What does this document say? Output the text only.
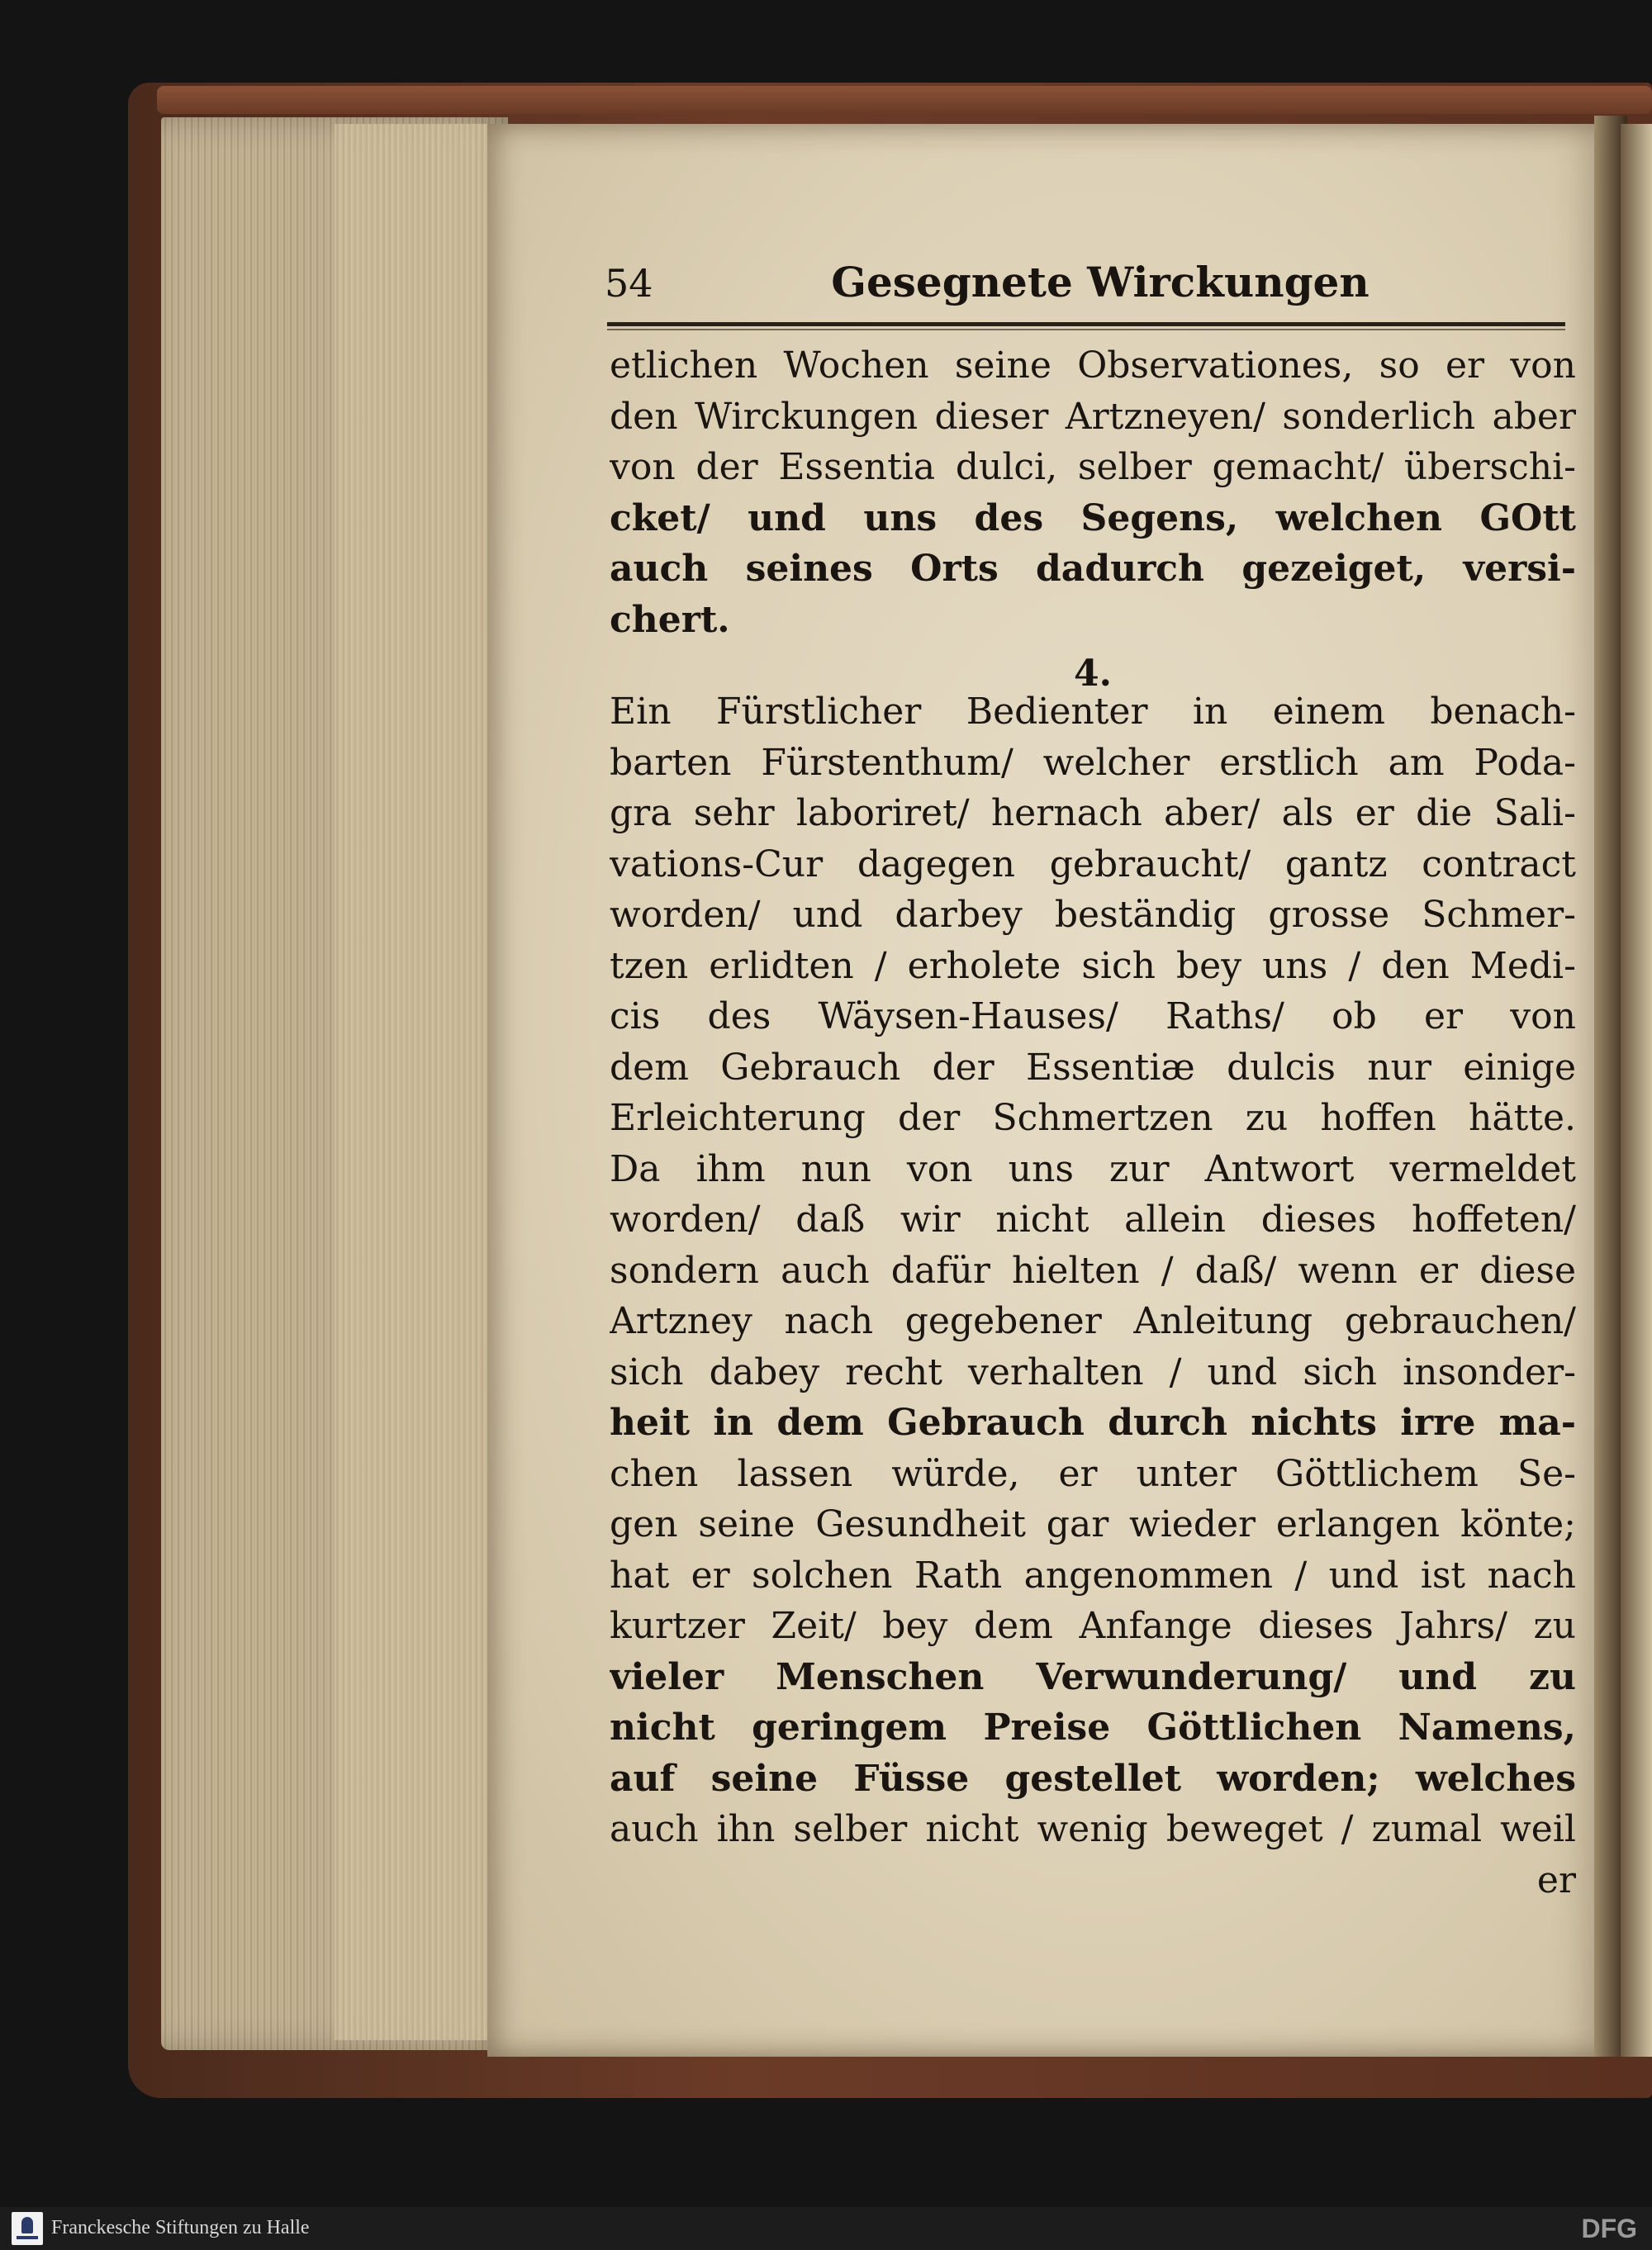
54	Gesegnete Wirckungen
etlichen Wochen seine Observationes, so er von
den Wirckungen dieser Artzneyen/ sonderlich aber
von der Essentia dulci, selber gemacht/ überschi-
cket/ und uns des Segens, welchen GOtt
auch seines Orts dadurch gezeiget, versi-
chert.
4.
Ein Fürstlicher Bedienter in einem benach-
barten Fürstenthum/ welcher erstlich am Poda-
gra sehr laboriret/ hernach aber/ als er die Sali-
vations-Cur dagegen gebraucht/ gantz contract
worden/ und darbey beständig grosse Schmer-
tzen erlidten / erholete sich bey uns / den Medi-
cis des Wäysen-Hauses/ Raths/ ob er von
dem Gebrauch der Essentiæ dulcis nur einige
Erleichterung der Schmertzen zu hoffen hätte.
Da ihm nun von uns zur Antwort vermeldet
worden/ daß wir nicht allein dieses hoffeten/
sondern auch dafür hielten / daß/ wenn er diese
Artzney nach gegebener Anleitung gebrauchen/
sich dabey recht verhalten / und sich insonder-
heit in dem Gebrauch durch nichts irre ma-
chen lassen würde, er unter Göttlichem Se-
gen seine Gesundheit gar wieder erlangen könte;
hat er solchen Rath angenommen / und ist nach
kurtzer Zeit/ bey dem Anfange dieses Jahrs/ zu
vieler Menschen Verwunderung/ und zu
nicht geringem Preise Göttlichen Namens,
auf seine Füsse gestellet worden; welches
auch ihn selber nicht wenig beweget / zumal weil
er
Franckesche Stiftungen zu Halle	DFG
